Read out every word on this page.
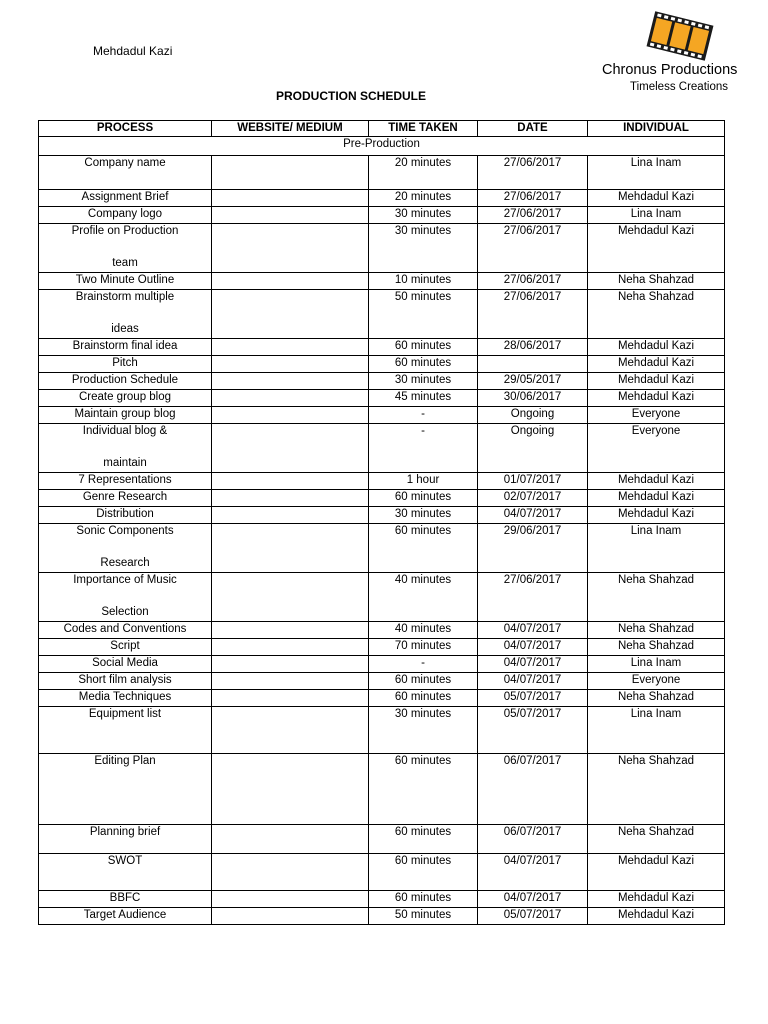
Mehdadul Kazi
Chronus Productions
Timeless Creations
PRODUCTION SCHEDULE
PROCESS	WEBSITE/ MEDIUM	TIME TAKEN	DATE	INDIVIDUAL
Pre-Production				

Company name		20 minutes	27/06/2017	Lina Inam

Assignment Brief		20 minutes	27/06/2017	Mehdadul Kazi

Company logo		30 minutes	27/06/2017	Lina Inam

Profile on Production
team		30 minutes	27/06/2017	Mehdadul Kazi

Two Minute Outline		10 minutes	27/06/2017	Neha Shahzad

Brainstorm multiple
ideas		50 minutes	27/06/2017	Neha Shahzad

Brainstorm final idea		60 minutes	28/06/2017	Mehdadul Kazi

Pitch		60 minutes		Mehdadul Kazi

Production Schedule		30 minutes	29/05/2017	Mehdadul Kazi

Create group blog		45 minutes	30/06/2017	Mehdadul Kazi

Maintain group blog		-	Ongoing	Everyone

Individual blog &
maintain		-	Ongoing	Everyone

7 Representations		1 hour	01/07/2017	Mehdadul Kazi

Genre Research		60 minutes	02/07/2017	Mehdadul Kazi

Distribution		30 minutes	04/07/2017	Mehdadul Kazi

Sonic Components
Research		60 minutes	29/06/2017	Lina Inam

Importance of Music
Selection		40 minutes	27/06/2017	Neha Shahzad

Codes and Conventions		40 minutes	04/07/2017	Neha Shahzad

Script		70 minutes	04/07/2017	Neha Shahzad

Social Media		-	04/07/2017	Lina Inam

Short film analysis		60 minutes	04/07/2017	Everyone

Media Techniques		60 minutes	05/07/2017	Neha Shahzad

Equipment list		30 minutes	05/07/2017	Lina Inam

Editing Plan		60 minutes	06/07/2017	Neha Shahzad

Planning brief		60 minutes	06/07/2017	Neha Shahzad

SWOT		60 minutes	04/07/2017	Mehdadul Kazi

BBFC		60 minutes	04/07/2017	Mehdadul Kazi

Target Audience		50 minutes	05/07/2017	Mehdadul Kazi
